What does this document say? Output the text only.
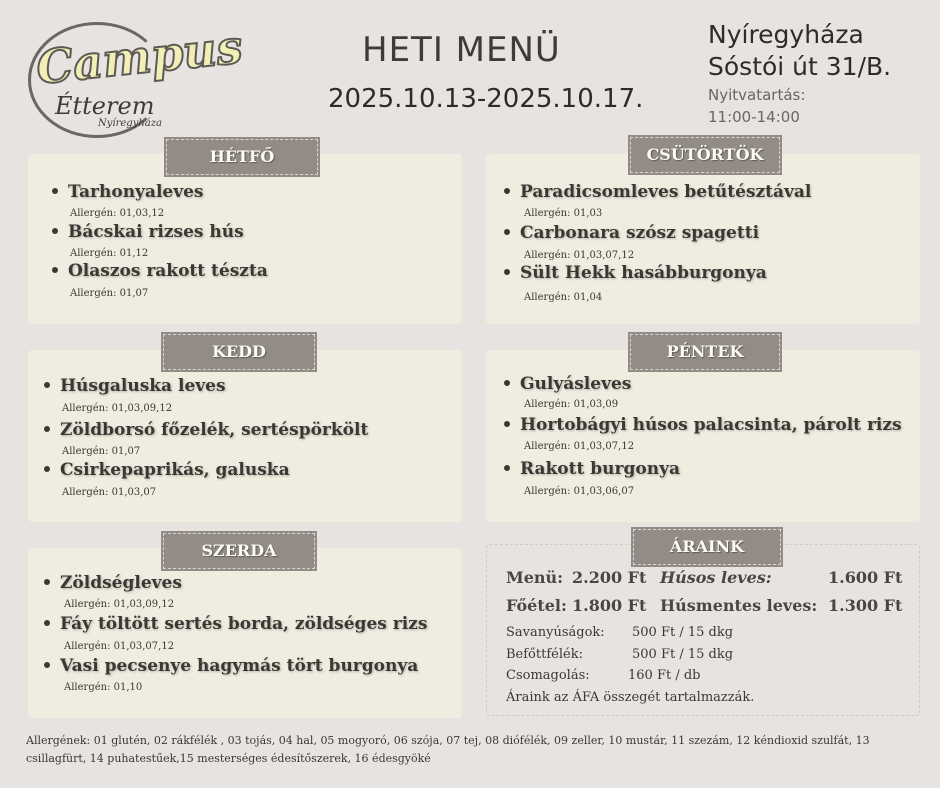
Campus
Étterem
Nyíregyháza
HETI MENÜ
2025.10.13-2025.10.17.
Nyíregyháza
Sóstói út 31/B.
Nyitvatartás:
11:00-14:00
HÉTFŐ
Tarhonyaleves
Allergén: 01,03,12
Bácskai rizses hús
Allergén: 01,12
Olaszos rakott tészta
Allergén: 01,07
KEDD
Húsgaluska leves
Allergén: 01,03,09,12
Zöldborsó főzelék, sertéspörkölt
Allergén: 01,07
Csirkepaprikás, galuska
Allergén: 01,03,07
SZERDA
Zöldségleves
Allergén: 01,03,09,12
Fáy töltött sertés borda, zöldséges rizs
Allergén: 01,03,07,12
Vasi pecsenye hagymás tört burgonya
Allergén: 01,10
CSÜTÖRTÖK
Paradicsomleves betűtésztával
Allergén: 01,03
Carbonara szósz spagetti
Allergén: 01,03,07,12
Sült Hekk hasábburgonya
Allergén: 01,04
PÉNTEK
Gulyásleves
Allergén: 01,03,09
Hortobágyi húsos palacsinta, párolt rizs
Allergén: 01,03,07,12
Rakott burgonya
Allergén: 01,03,06,07
ÁRAINK
Menü: 2.200 Ft Húsos leves:	1.600 Ft
Főétel: 1.800 Ft Húsmentes leves: 1.300 Ft
Savanyúságok: 500 Ft / 15 dkg
Befőttfélék:	500 Ft / 15 dkg
Csomagolás:	160 Ft / db
Áraink az ÁFA összegét tartalmazzák.
Allergének: 01 glutén, 02 rákfélék , 03 tojás, 04 hal, 05 mogyoró, 06 szója, 07 tej, 08 diófélék, 09 zeller, 10 mustár, 11 szezám, 12 kéndioxid szulfát, 13 csillagfürt, 14 puhatestűek,15 mesterséges édesítőszerek, 16 édesgyöké
